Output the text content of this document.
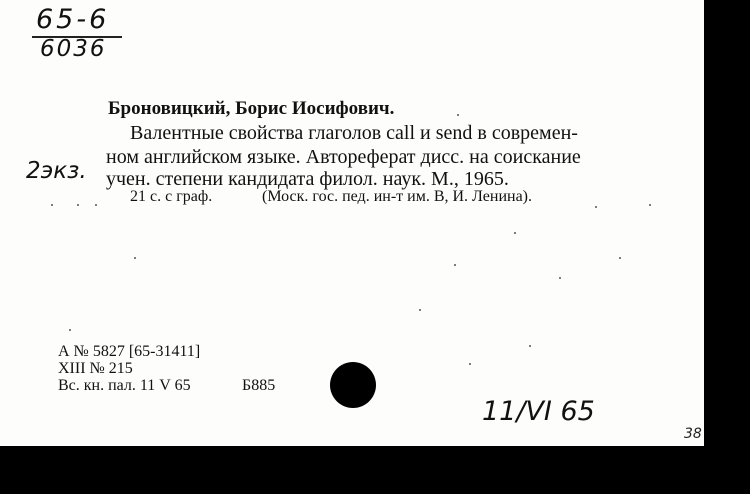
65-6
6036
2экз.
Броновицкий, Борис Иосифович.
Валентные свойства глаголов call и send в современ-
ном английском языке. Автореферат дисс. на соискание
учен. степени кандидата филол. наук. М., 1965.
21 с. с граф.	(Моск. гос. пед. ин-т им. В, И. Ленина).
А № 5827 [65-31411]
XIII № 215
Вс. кн. пал. 11 V 65	Б885
11/VI 65
38
